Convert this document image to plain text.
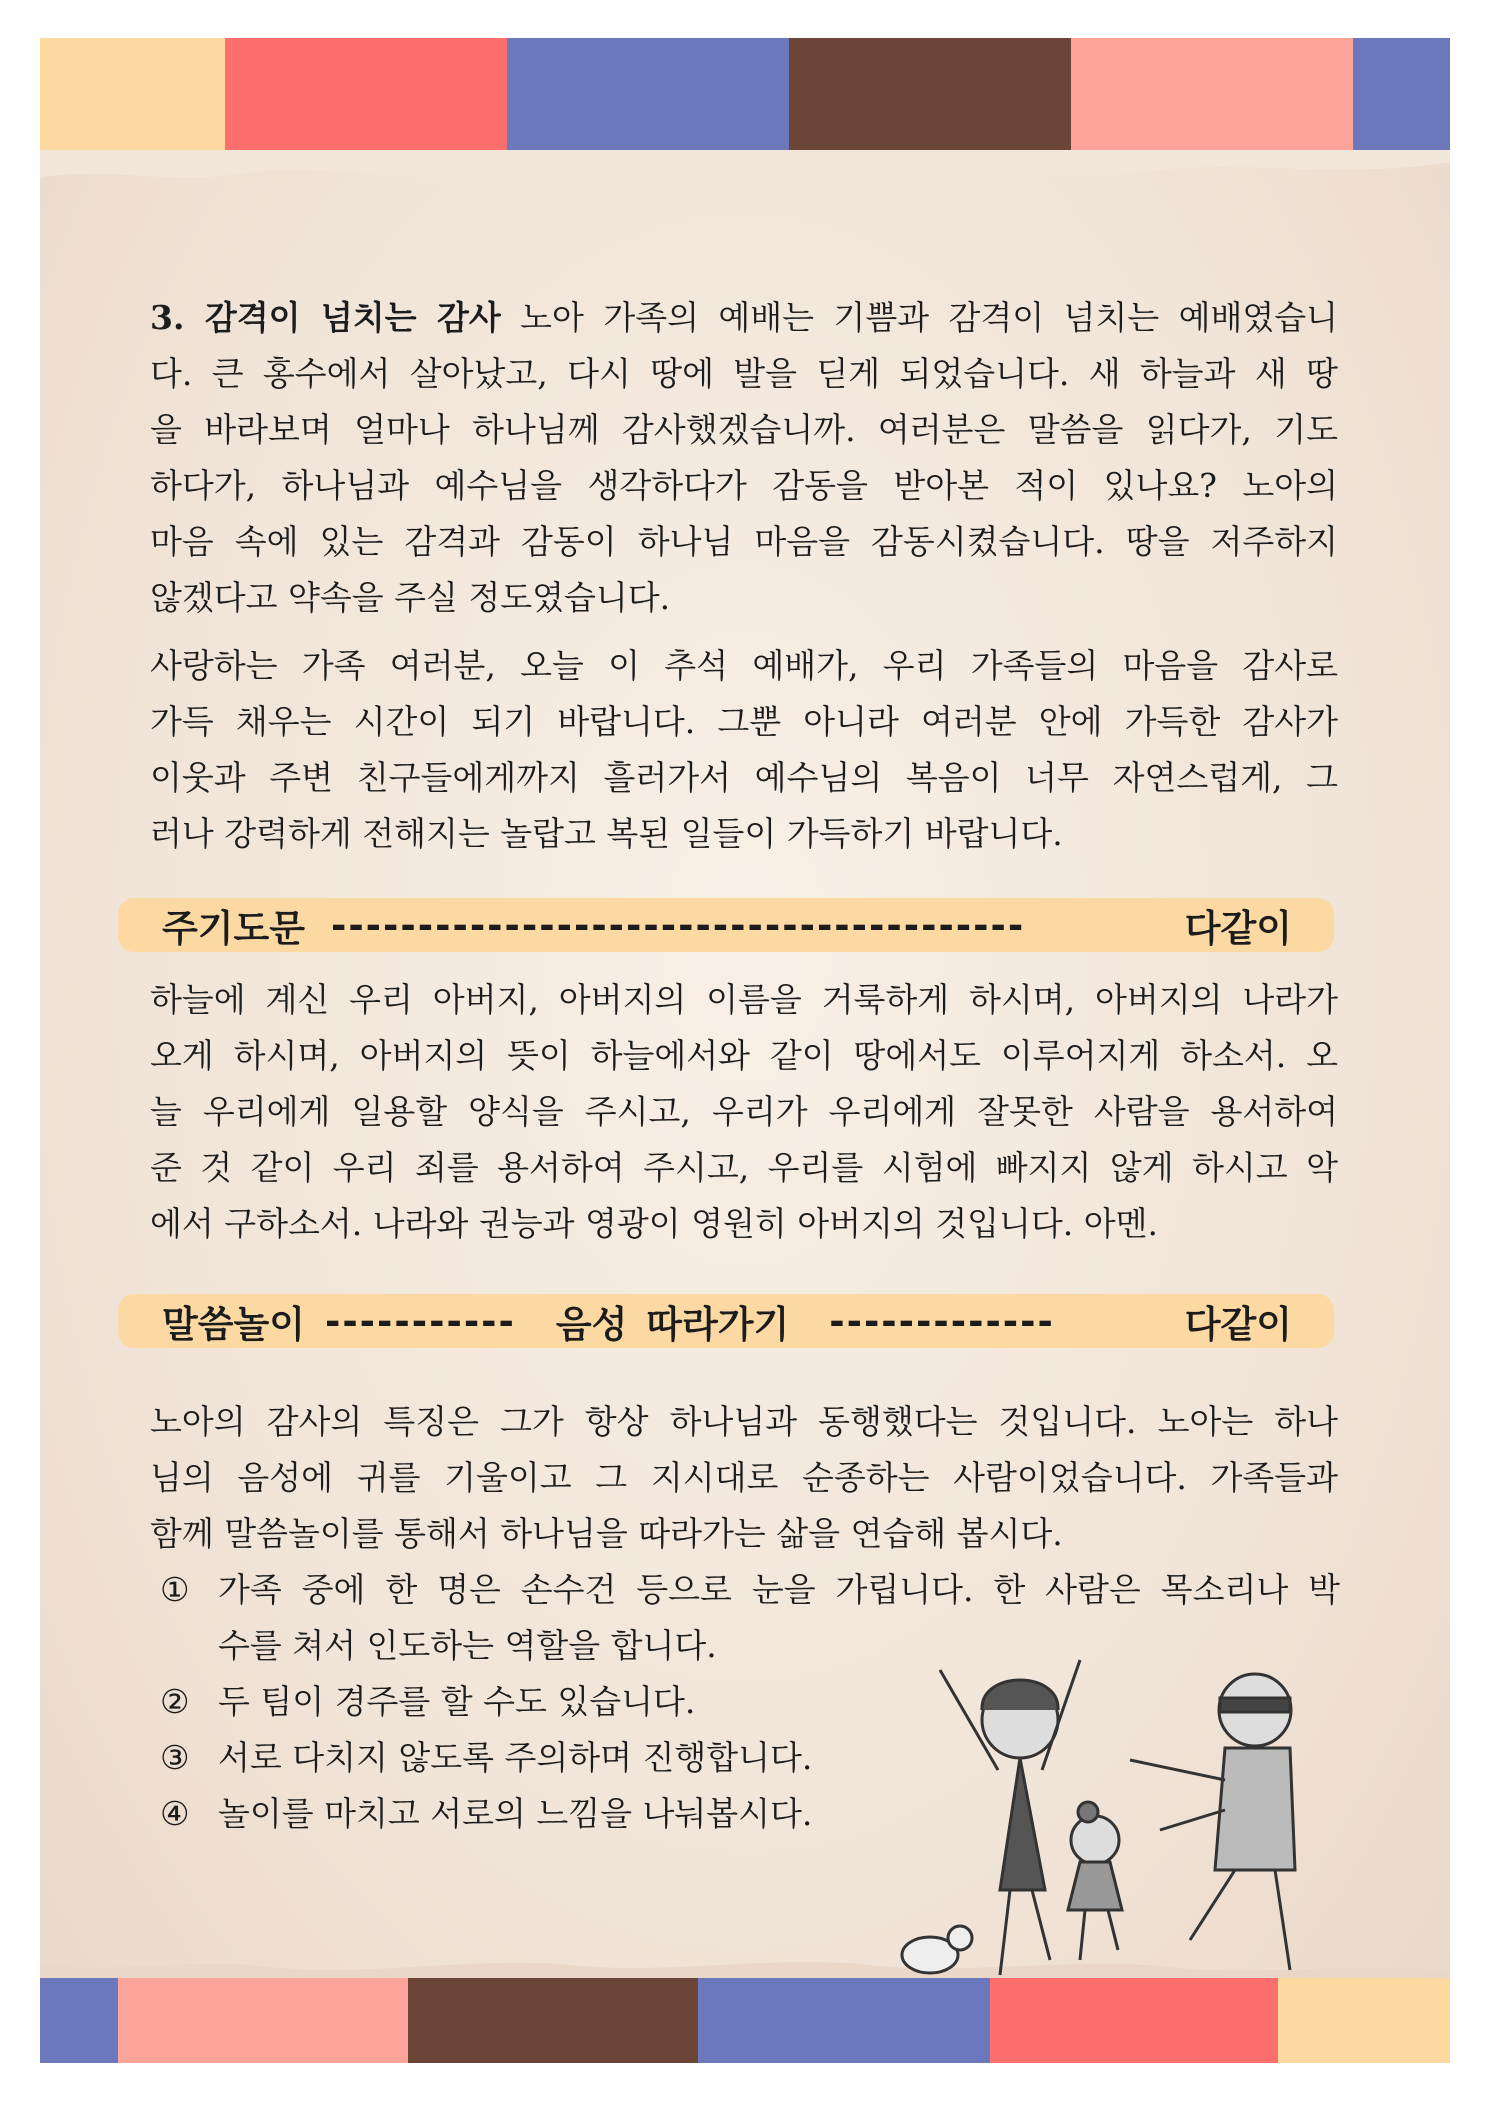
3. 감격이 넘치는 감사 노아 가족의 예배는 기쁨과 감격이 넘치는 예배였습니
다. 큰 홍수에서 살아났고, 다시 땅에 발을 딛게 되었습니다. 새 하늘과 새 땅
을 바라보며 얼마나 하나님께 감사했겠습니까. 여러분은 말씀을 읽다가, 기도
하다가, 하나님과 예수님을 생각하다가 감동을 받아본 적이 있나요? 노아의
마음 속에 있는 감격과 감동이 하나님 마음을 감동시켰습니다. 땅을 저주하지
않겠다고 약속을 주실 정도였습니다.
사랑하는 가족 여러분, 오늘 이 추석 예배가, 우리 가족들의 마음을 감사로
가득 채우는 시간이 되기 바랍니다. 그뿐 아니라 여러분 안에 가득한 감사가
이웃과 주변 친구들에게까지 흘러가서 예수님의 복음이 너무 자연스럽게, 그
러나 강력하게 전해지는 놀랍고 복된 일들이 가득하기 바랍니다.
주기도문 ----------------------------------------	다같이
하늘에 계신 우리 아버지, 아버지의 이름을 거룩하게 하시며, 아버지의 나라가
오게 하시며, 아버지의 뜻이 하늘에서와 같이 땅에서도 이루어지게 하소서. 오
늘 우리에게 일용할 양식을 주시고, 우리가 우리에게 잘못한 사람을 용서하여
준 것 같이 우리 죄를 용서하여 주시고, 우리를 시험에 빠지지 않게 하시고 악
에서 구하소서. 나라와 권능과 영광이 영원히 아버지의 것입니다. 아멘.
말씀놀이 ----------- 음성 따라가기 -------------	다같이
노아의 감사의 특징은 그가 항상 하나님과 동행했다는 것입니다. 노아는 하나
님의 음성에 귀를 기울이고 그 지시대로 순종하는 사람이었습니다. 가족들과
함께 말씀놀이를 통해서 하나님을 따라가는 삶을 연습해 봅시다.
① 가족 중에 한 명은 손수건 등으로 눈을 가립니다. 한 사람은 목소리나 박
수를 쳐서 인도하는 역할을 합니다.
② 두 팀이 경주를 할 수도 있습니다.
③ 서로 다치지 않도록 주의하며 진행합니다.
④ 놀이를 마치고 서로의 느낌을 나눠봅시다.
